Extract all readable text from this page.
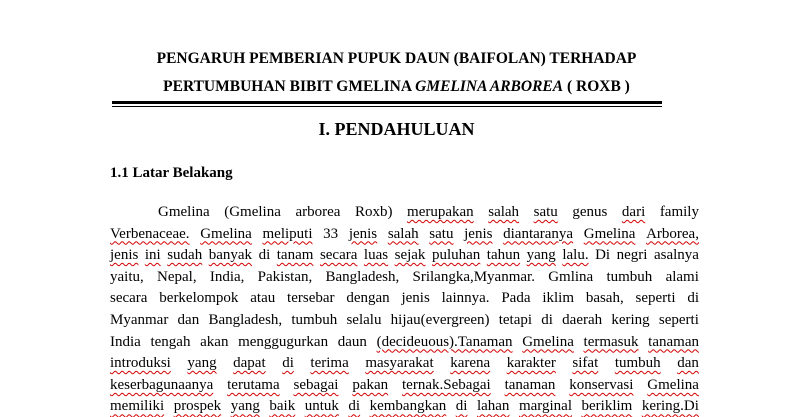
PENGARUH PEMBERIAN PUPUK DAUN (BAIFOLAN) TERHADAP
PERTUMBUHAN BIBIT GMELINA GMELINA ARBOREA ( ROXB )
I. PENDAHULUAN
1.1 Latar Belakang
Gmelina (Gmelina arborea Roxb) merupakan salah satu genus dari family
Verbenaceae. Gmelina meliputi 33 jenis salah satu jenis diantaranya Gmelina Arborea,
jenis ini sudah banyak di tanam secara luas sejak puluhan tahun yang lalu. Di negri asalnya
yaitu, Nepal, India, Pakistan, Bangladesh, Srilangka,Myanmar. Gmlina tumbuh alami
secara berkelompok atau tersebar dengan jenis lainnya. Pada iklim basah, seperti di
Myanmar dan Bangladesh, tumbuh selalu hijau(evergreen) tetapi di daerah kering seperti
India tengah akan menggugurkan daun (decideuous).Tanaman Gmelina termasuk tanaman
introduksi yang dapat di terima masyarakat karena karakter sifat tumbuh dan
keserbagunaanya terutama sebagai pakan ternak.Sebagai tanaman konservasi Gmelina
memiliki prospek yang baik untuk di kembangkan di lahan marginal beriklim kering.Di
